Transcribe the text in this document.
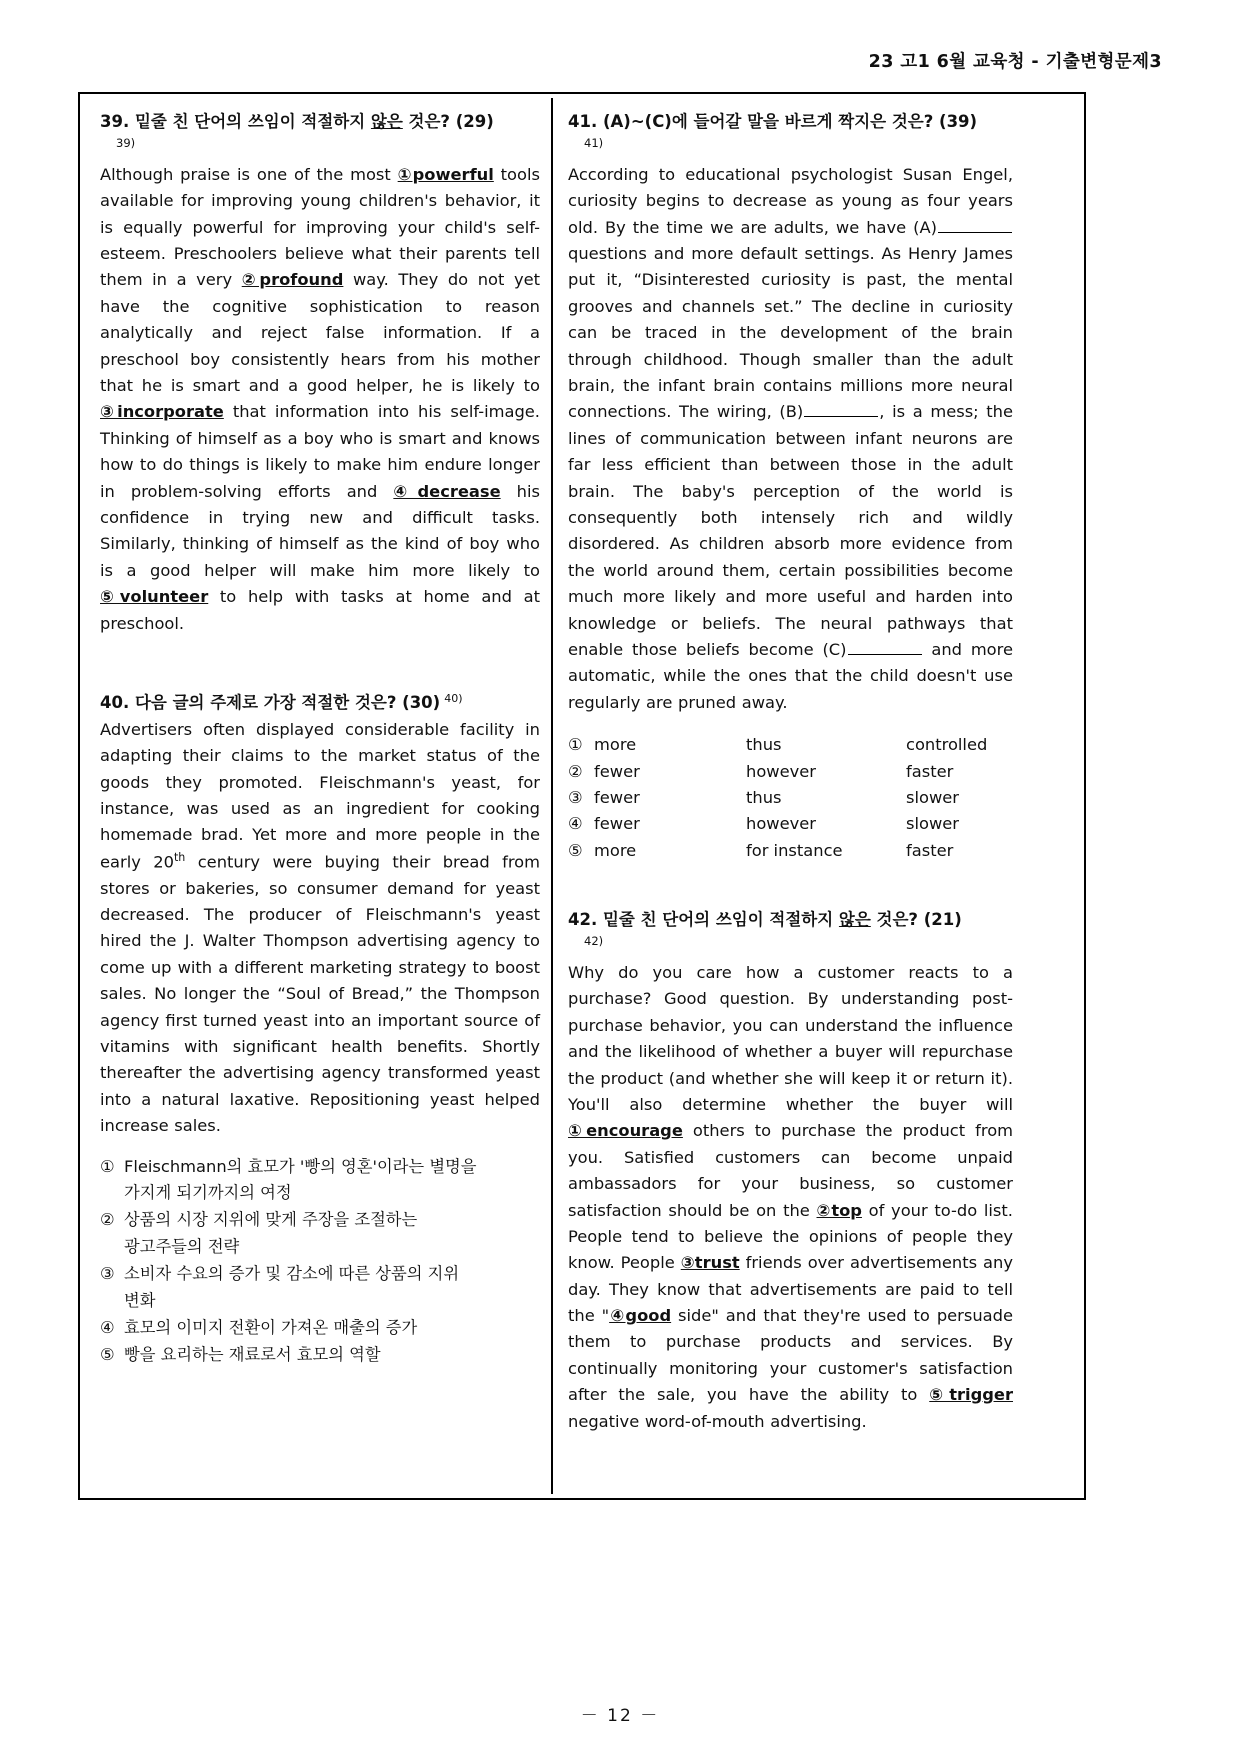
23 고1 6월 교육청 - 기출변형문제3
39. 밑줄 친 단어의 쓰임이 적절하지 않은 것은? (29)
39)

Although praise is one of the most ①powerful tools available for improving young children's behavior, it is equally powerful for improving your child's self-esteem. Preschoolers believe what their parents tell them in a very ②profound way. They do not yet have the cognitive sophistication to reason analytically and reject false information. If a preschool boy consistently hears from his mother that he is smart and a good helper, he is likely to ③incorporate that information into his self-image. Thinking of himself as a boy who is smart and knows how to do things is likely to make him endure longer in problem-solving efforts and ④decrease his confidence in trying new and difficult tasks. Similarly, thinking of himself as the kind of boy who is a good helper will make him more likely to ⑤volunteer to help with tasks at home and at preschool.

40. 다음 글의 주제로 가장 적절한 것은? (30) $^{40)}$

Advertisers often displayed considerable facility in adapting their claims to the market status of the goods they promoted. Fleischmann's yeast, for instance, was used as an ingredient for cooking homemade brad. Yet more and more people in the early 20th century were buying their bread from stores or bakeries, so consumer demand for yeast decreased. The producer of Fleischmann's yeast hired the J. Walter Thompson advertising agency to come up with a different marketing strategy to boost sales. No longer the “Soul of Bread,” the Thompson agency first turned yeast into an important source of vitamins with significant health benefits. Shortly thereafter the advertising agency transformed yeast into a natural laxative. Repositioning yeast helped increase sales.

① Fleischmann의 효모가 '빵의 영혼'이라는 별명을
가지게 되기까지의 여정
② 상품의 시장 지위에 맞게 주장을 조절하는
광고주들의 전략
③ 소비자 수요의 증가 및 감소에 따른 상품의 지위
변화
④ 효모의 이미지 전환이 가져온 매출의 증가
⑤ 빵을 요리하는 재료로서 효모의 역할
41. (A)~(C)에 들어갈 말을 바르게 짝지은 것은? (39)
41)

According to educational psychologist Susan Engel, curiosity begins to decrease as young as four years old. By the time we are adults, we have (A) questions and more default settings. As Henry James put it, “Disinterested curiosity is past, the mental grooves and channels set.” The decline in curiosity can be traced in the development of the brain through childhood. Though smaller than the adult brain, the infant brain contains millions more neural connections. The wiring, (B)	, is a mess; the lines of communication between infant neurons are far less efficient than between those in the adult brain. The baby's perception of the world is consequently both intensely rich and wildly disordered. As children absorb more evidence from the world around them, certain possibilities become much more likely and more useful and harden into knowledge or beliefs. The neural pathways that enable those beliefs become (C)	and more automatic, while the ones that the child doesn't use regularly are pruned away.

① more	thus	controlled
② fewer	however	faster
③ fewer	thus	slower
④ fewer	however	slower
⑤ more	for instance	faster
42. 밑줄 친 단어의 쓰임이 적절하지 않은 것은? (21)
42)

Why do you care how a customer reacts to a purchase? Good question. By understanding post-purchase behavior, you can understand the influence and the likelihood of whether a buyer will repurchase the product (and whether she will keep it or return it). You'll also determine whether the buyer will ①encourage others to purchase the product from you. Satisfied customers can become unpaid ambassadors for your business, so customer satisfaction should be on the ②top of your to-do list. People tend to believe the opinions of people they know. People ③trust friends over advertisements any day. They know that advertisements are paid to tell the "④good side" and that they're used to persuade them to purchase products and services. By continually monitoring your customer's satisfaction after the sale, you have the ability to ⑤trigger negative word-of-mouth advertising.

－ 12 －
